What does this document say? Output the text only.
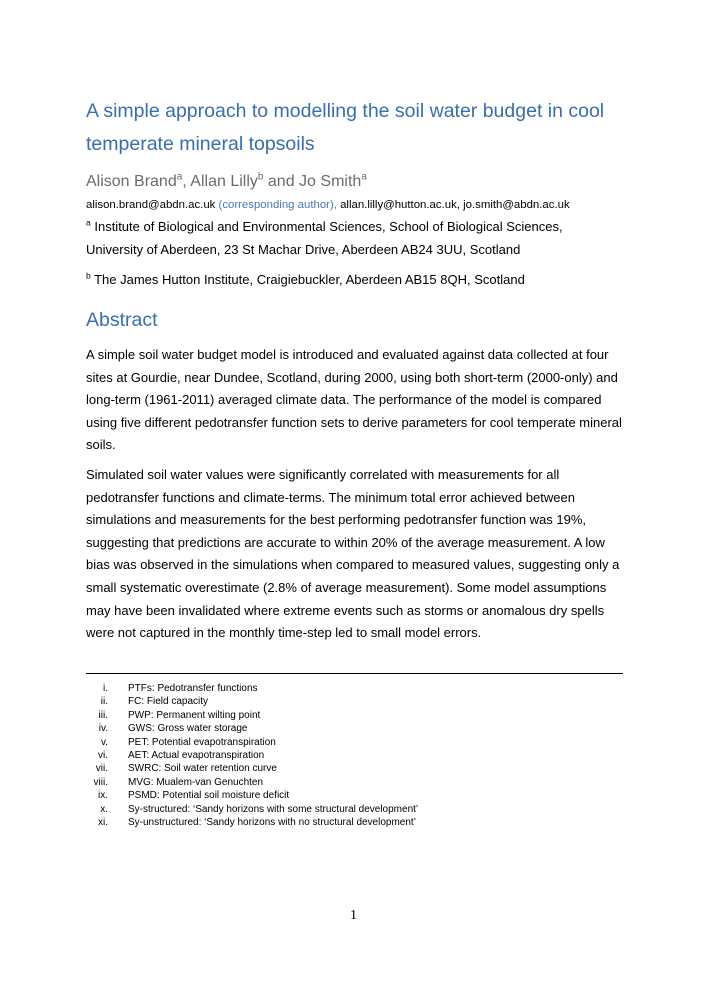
A simple approach to modelling the soil water budget in cool
temperate mineral topsoils
Alison Brand$^a$, Allan Lilly$^b$ and Jo Smith$^a$
alison.brand@abdn.ac.uk (corresponding author), allan.lilly@hutton.ac.uk, jo.smith@abdn.ac.uk
$^a$ Institute of Biological and Environmental Sciences, School of Biological Sciences,
University of Aberdeen, 23 St Machar Drive, Aberdeen AB24 3UU, Scotland
$^b$ The James Hutton Institute, Craigiebuckler, Aberdeen AB15 8QH, Scotland
Abstract

A simple soil water budget model is introduced and evaluated against data collected at four sites at Gourdie, near Dundee, Scotland, during 2000, using both short-term (2000-only) and long-term (1961-2011) averaged climate data. The performance of the model is compared using five different pedotransfer function sets to derive parameters for cool temperate mineral soils.

Simulated soil water values were significantly correlated with measurements for all pedotransfer functions and climate-terms. The minimum total error achieved between simulations and measurements for the best performing pedotransfer function was 19%, suggesting that predictions are accurate to within 20% of the average measurement. A low bias was observed in the simulations when compared to measured values, suggesting only a small systematic overestimate (2.8% of average measurement). Some model assumptions may have been invalidated where extreme events such as storms or anomalous dry spells were not captured in the monthly time-step led to small model errors.

i. PTFs: Pedotransfer functions
ii. FC: Field capacity
iii. PWP: Permanent wilting point
iv. GWS: Gross water storage
v. PET: Potential evapotranspiration
vi. AET: Actual evapotranspiration
vii. SWRC: Soil water retention curve
viii. MVG: Mualem-van Genuchten
ix. PSMD: Potential soil moisture deficit
x. Sy-structured: ‘Sandy horizons with some structural development’
xi. Sy-unstructured: ‘Sandy horizons with no structural development’
1
